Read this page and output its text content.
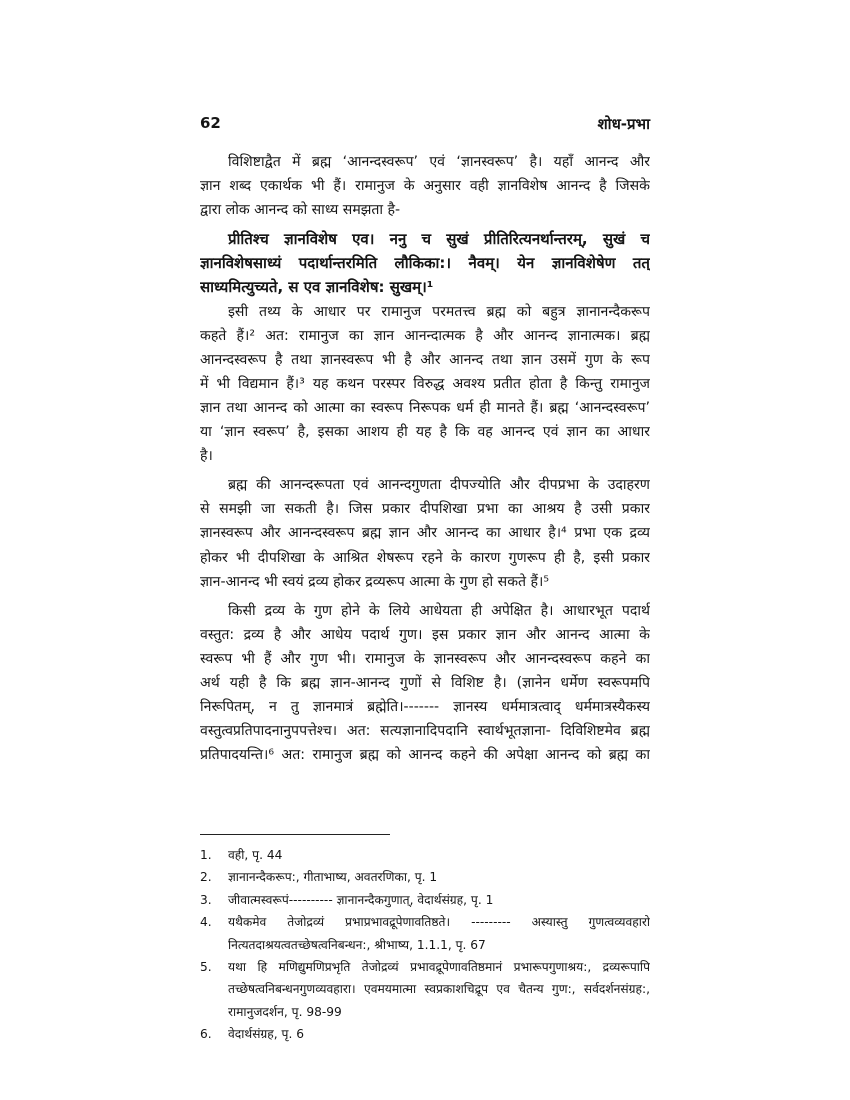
62	शोध-प्रभा
विशिष्टाद्वैत में ब्रह्म ‘आनन्दस्वरूप’ एवं ‘ज्ञानस्वरूप’ है। यहाँ आनन्द और
ज्ञान शब्द एकार्थक भी हैं। रामानुज के अनुसार वही ज्ञानविशेष आनन्द है जिसके
द्वारा लोक आनन्द को साध्य समझता है-
प्रीतिश्च ज्ञानविशेष एव। ननु च सुखं प्रीतिरित्यनर्थान्तरम्, सुखं च
ज्ञानविशेषसाध्यं पदार्थान्तरमिति लौकिका:। नैवम्। येन ज्ञानविशेषेण तत्
साध्यमित्युच्यते, स एव ज्ञानविशेष: सुखम्।¹
इसी तथ्य के आधार पर रामानुज परमतत्त्व ब्रह्म को बहुत्र ज्ञानानन्दैकरूप
कहते हैं।² अत: रामानुज का ज्ञान आनन्दात्मक है और आनन्द ज्ञानात्मक। ब्रह्म
आनन्दस्वरूप है तथा ज्ञानस्वरूप भी है और आनन्द तथा ज्ञान उसमें गुण के रूप
में भी विद्यमान हैं।³ यह कथन परस्पर विरुद्ध अवश्य प्रतीत होता है किन्तु रामानुज
ज्ञान तथा आनन्द को आत्मा का स्वरूप निरूपक धर्म ही मानते हैं। ब्रह्म ‘आनन्दस्वरूप’
या ‘ज्ञान स्वरूप’ है, इसका आशय ही यह है कि वह आनन्द एवं ज्ञान का आधार
है।
ब्रह्म की आनन्दरूपता एवं आनन्दगुणता दीपज्योति और दीपप्रभा के उदाहरण
से समझी जा सकती है। जिस प्रकार दीपशिखा प्रभा का आश्रय है उसी प्रकार
ज्ञानस्वरूप और आनन्दस्वरूप ब्रह्म ज्ञान और आनन्द का आधार है।⁴ प्रभा एक द्रव्य
होकर भी दीपशिखा के आश्रित शेषरूप रहने के कारण गुणरूप ही है, इसी प्रकार
ज्ञान-आनन्द भी स्वयं द्रव्य होकर द्रव्यरूप आत्मा के गुण हो सकते हैं।⁵
किसी द्रव्य के गुण होने के लिये आधेयता ही अपेक्षित है। आधारभूत पदार्थ
वस्तुत: द्रव्य है और आधेय पदार्थ गुण। इस प्रकार ज्ञान और आनन्द आत्मा के
स्वरूप भी हैं और गुण भी। रामानुज के ज्ञानस्वरूप और आनन्दस्वरूप कहने का
अर्थ यही है कि ब्रह्म ज्ञान-आनन्द गुणों से विशिष्ट है। (ज्ञानेन धर्मेण स्वरूपमपि
निरूपितम्, न तु ज्ञानमात्रं ब्रह्मेति।------- ज्ञानस्य धर्ममात्रत्वाद् धर्ममात्रस्यैकस्य
वस्तुत्वप्रतिपादनानुपपत्तेश्च। अत: सत्यज्ञानादिपदानि स्वार्थभूतज्ञाना- दिविशिष्टमेव ब्रह्म
प्रतिपादयन्ति।⁶ अत: रामानुज ब्रह्म को आनन्द कहने की अपेक्षा आनन्द को ब्रह्म का
1.	वही, पृ. 44
2.	ज्ञानानन्दैकरूप:, गीताभाष्य, अवतरणिका, पृ. 1
3.	जीवात्मस्वरूपं---------- ज्ञानानन्दैकगुणात्, वेदार्थसंग्रह, पृ. 1
4.	यथैकमेव तेजोद्रव्यं प्रभाप्रभावद्रूपेणावतिष्ठते। --------- अस्यास्तु गुणत्वव्यवहारो
नित्यतदाश्रयत्वतच्छेषत्वनिबन्धन:, श्रीभाष्य, 1.1.1, पृ. 67
5.	यथा हि मणिद्युमणिप्रभृति तेजोद्रव्यं प्रभावद्रूपेणावतिष्ठमानं प्रभारूपगुणाश्रय:, द्रव्यरूपापि
तच्छेषत्वनिबन्धनगुणव्यवहारा। एवमयमात्मा स्वप्रकाशचिद्रूप एव चैतन्य गुण:, सर्वदर्शनसंग्रह:,
रामानुजदर्शन, पृ. 98-99
6.	वेदार्थसंग्रह, पृ. 6
